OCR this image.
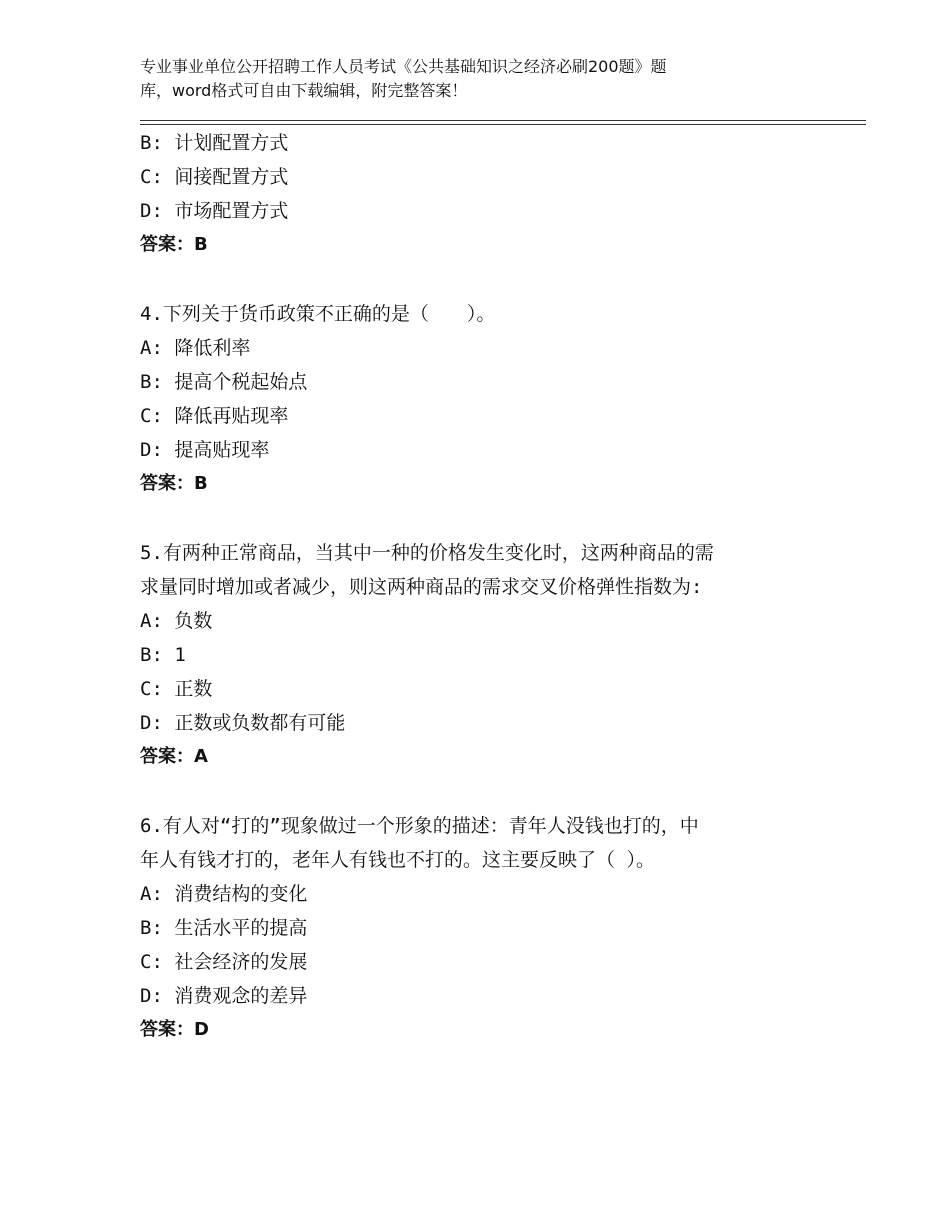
专业事业单位公开招聘工作人员考试《公共基础知识之经济必刷200题》题
库，word格式可自由下载编辑，附完整答案！
B: 计划配置方式
C: 间接配置方式
D: 市场配置方式
答案：B
4.下列关于货币政策不正确的是（　　）。
A: 降低利率
B: 提高个税起始点
C: 降低再贴现率
D: 提高贴现率
答案：B
5.有两种正常商品，当其中一种的价格发生变化时，这两种商品的需
求量同时增加或者减少，则这两种商品的需求交叉价格弹性指数为:
A: 负数
B: 1
C: 正数
D: 正数或负数都有可能
答案：A
6.有人对“打的”现象做过一个形象的描述：青年人没钱也打的，中
年人有钱才打的，老年人有钱也不打的。这主要反映了（ ）。
A: 消费结构的变化
B: 生活水平的提高
C: 社会经济的发展
D: 消费观念的差异
答案：D
